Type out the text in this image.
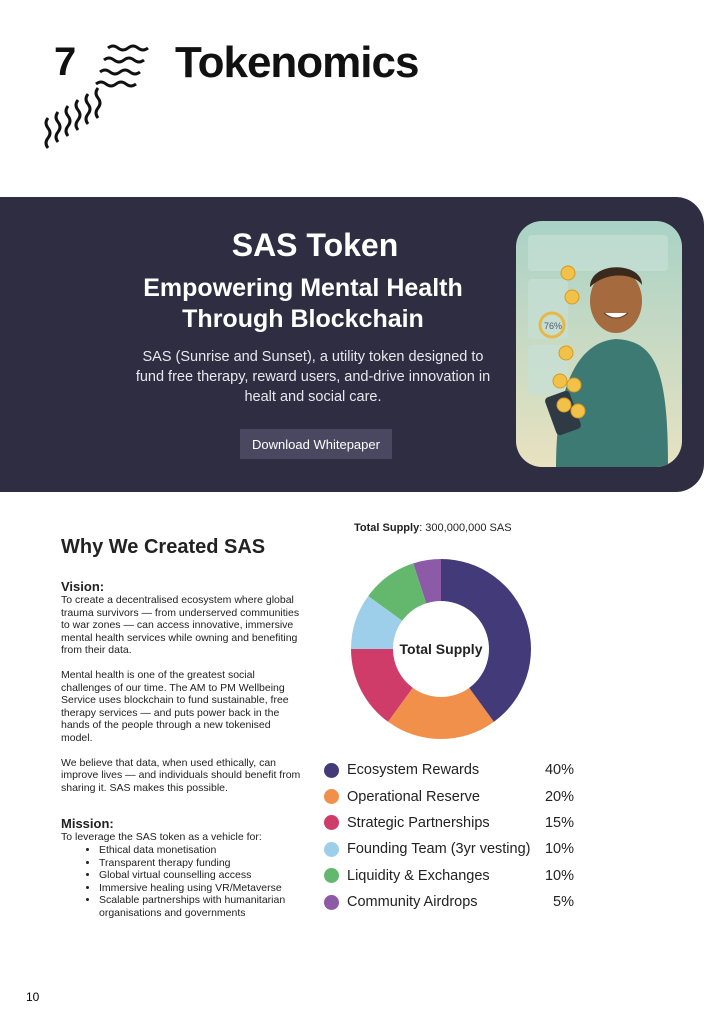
7 Tokenomics
SAS Token
Empowering Mental Health
Through Blockchain

SAS (Sunrise and Sunset), a utility token designed to fund free therapy, reward users, and-drive innovation in healt and social care.

Download Whitepaper
76%
Why We Created SAS
Vision:

To create a decentralised ecosystem where global trauma survivors — from underserved communities to war zones — can access innovative, immersive mental health services while owning and benefiting from their data.

Mental health is one of the greatest social challenges of our time. The AM to PM Wellbeing Service uses blockchain to fund sustainable, free therapy services — and puts power back in the hands of the people through a new tokenised model.

We believe that data, when used ethically, can improve lives — and individuals should benefit from sharing it. SAS makes this possible.

Mission:

To leverage the SAS token as a vehicle for:

• Ethical data monetisation
• Transparent therapy funding
• Global virtual counselling access
• Immersive healing using VR/Metaverse
• Scalable partnerships with humanitarian organisations and governments
Total Supply: 300,000,000 SAS
Total Supply
Ecosystem Rewards	40%
Operational Reserve	20%
Strategic Partnerships	15%
Founding Team (3yr vesting) 10%
Liquidity & Exchanges	10%
Community Airdrops	5%
10
